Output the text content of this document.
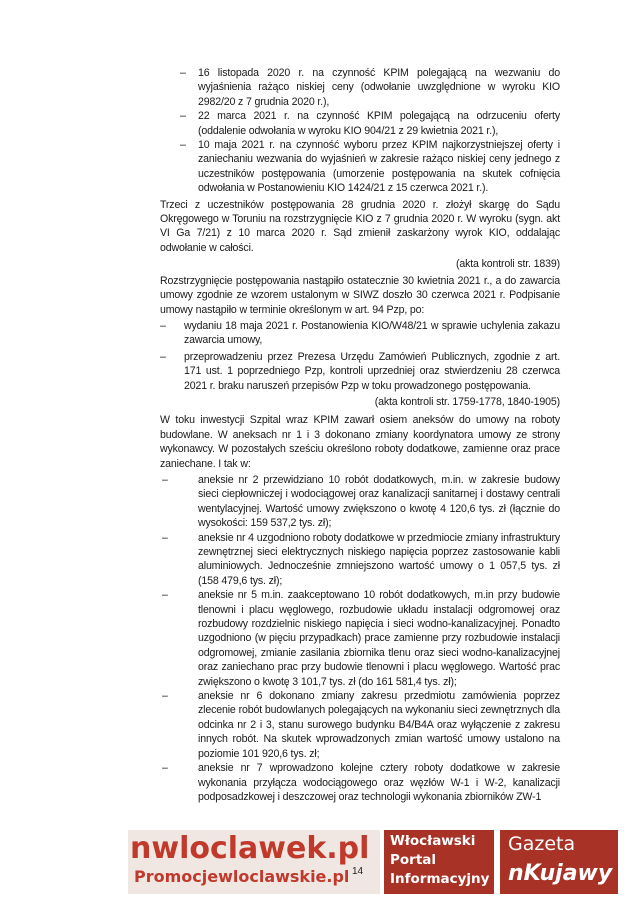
– 16 listopada 2020 r. na czynność KPIM polegającą na wezwaniu do wyjaśnienia rażąco niskiej ceny (odwołanie uwzględnione w wyroku KIO 2982/20 z 7 grudnia 2020 r.),
– 22 marca 2021 r. na czynność KPIM polegającą na odrzuceniu oferty (oddalenie odwołania w wyroku KIO 904/21 z 29 kwietnia 2021 r.),
– 10 maja 2021 r. na czynność wyboru przez KPIM najkorzystniejszej oferty i zaniechaniu wezwania do wyjaśnień w zakresie rażąco niskiej ceny jednego z uczestników postępowania (umorzenie postępowania na skutek cofnięcia odwołania w Postanowieniu KIO 1424/21 z 15 czerwca 2021 r.).

Trzeci z uczestników postępowania 28 grudnia 2020 r. złożył skargę do Sądu Okręgowego w Toruniu na rozstrzygnięcie KIO z 7 grudnia 2020 r. W wyroku (sygn. akt VI Ga 7/21) z 10 marca 2020 r. Sąd zmienił zaskarżony wyrok KIO, oddalając odwołanie w całości.

(akta kontroli str. 1839)

Rozstrzygnięcie postępowania nastąpiło ostatecznie 30 kwietnia 2021 r., a do zawarcia umowy zgodnie ze wzorem ustalonym w SIWZ doszło 30 czerwca 2021 r. Podpisanie umowy nastąpiło w terminie określonym w art. 94 Pzp, po:

– wydaniu 18 maja 2021 r. Postanowienia KIO/W48/21 w sprawie uchylenia zakazu zawarcia umowy,
– przeprowadzeniu przez Prezesa Urzędu Zamówień Publicznych, zgodnie z art. 171 ust. 1 poprzedniego Pzp, kontroli uprzedniej oraz stwierdzeniu 28 czerwca 2021 r. braku naruszeń przepisów Pzp w toku prowadzonego postępowania.

(akta kontroli str. 1759-1778, 1840-1905)

W toku inwestycji Szpital wraz KPIM zawarł osiem aneksów do umowy na roboty budowlane. W aneksach nr 1 i 3 dokonano zmiany koordynatora umowy ze strony wykonawcy. W pozostałych sześciu określono roboty dodatkowe, zamienne oraz prace zaniechane. I tak w:

–	aneksie nr 2 przewidziano 10 robót dodatkowych, m.in. w zakresie budowy sieci ciepłowniczej i wodociągowej oraz kanalizacji sanitarnej i dostawy centrali wentylacyjnej. Wartość umowy zwiększono o kwotę 4 120,6 tys. zł (łącznie do wysokości: 159 537,2 tys. zł);
–	aneksie nr 4 uzgodniono roboty dodatkowe w przedmiocie zmiany infrastruktury zewnętrznej sieci elektrycznych niskiego napięcia poprzez zastosowanie kabli aluminiowych. Jednocześnie zmniejszono wartość umowy o 1 057,5 tys. zł (158 479,6 tys. zł);
–	aneksie nr 5 m.in. zaakceptowano 10 robót dodatkowych, m.in przy budowie tlenowni i placu węglowego, rozbudowie układu instalacji odgromowej oraz rozbudowy rozdzielnic niskiego napięcia i sieci wodno-kanalizacyjnej. Ponadto uzgodniono (w pięciu przypadkach) prace zamienne przy rozbudowie instalacji odgromowej, zmianie zasilania zbiornika tlenu oraz sieci wodno-kanalizacyjnej oraz zaniechano prac przy budowie tlenowni i placu węglowego. Wartość prac zwiększono o kwotę 3 101,7 tys. zł (do 161 581,4 tys. zł);
–	aneksie nr 6 dokonano zmiany zakresu przedmiotu zamówienia poprzez zlecenie robót budowlanych polegających na wykonaniu sieci zewnętrznych dla odcinka nr 2 i 3, stanu surowego budynku B4/B4A oraz wyłączenie z zakresu innych robót. Na skutek wprowadzonych zmian wartość umowy ustalono na poziomie 101 920,6 tys. zł;
–	aneksie nr 7 wprowadzono kolejne cztery roboty dodatkowe w zakresie wykonania przyłącza wodociągowego oraz węzłów W-1 i W-2, kanalizacji podposadzkowej i deszczowej oraz technologii wykonania zbiorników ZW-1
nwloclawek.pl
Promocjewloclawskie.pl
Włocławski
Portal
Informacyjny
Gazeta
nKujawy
14
